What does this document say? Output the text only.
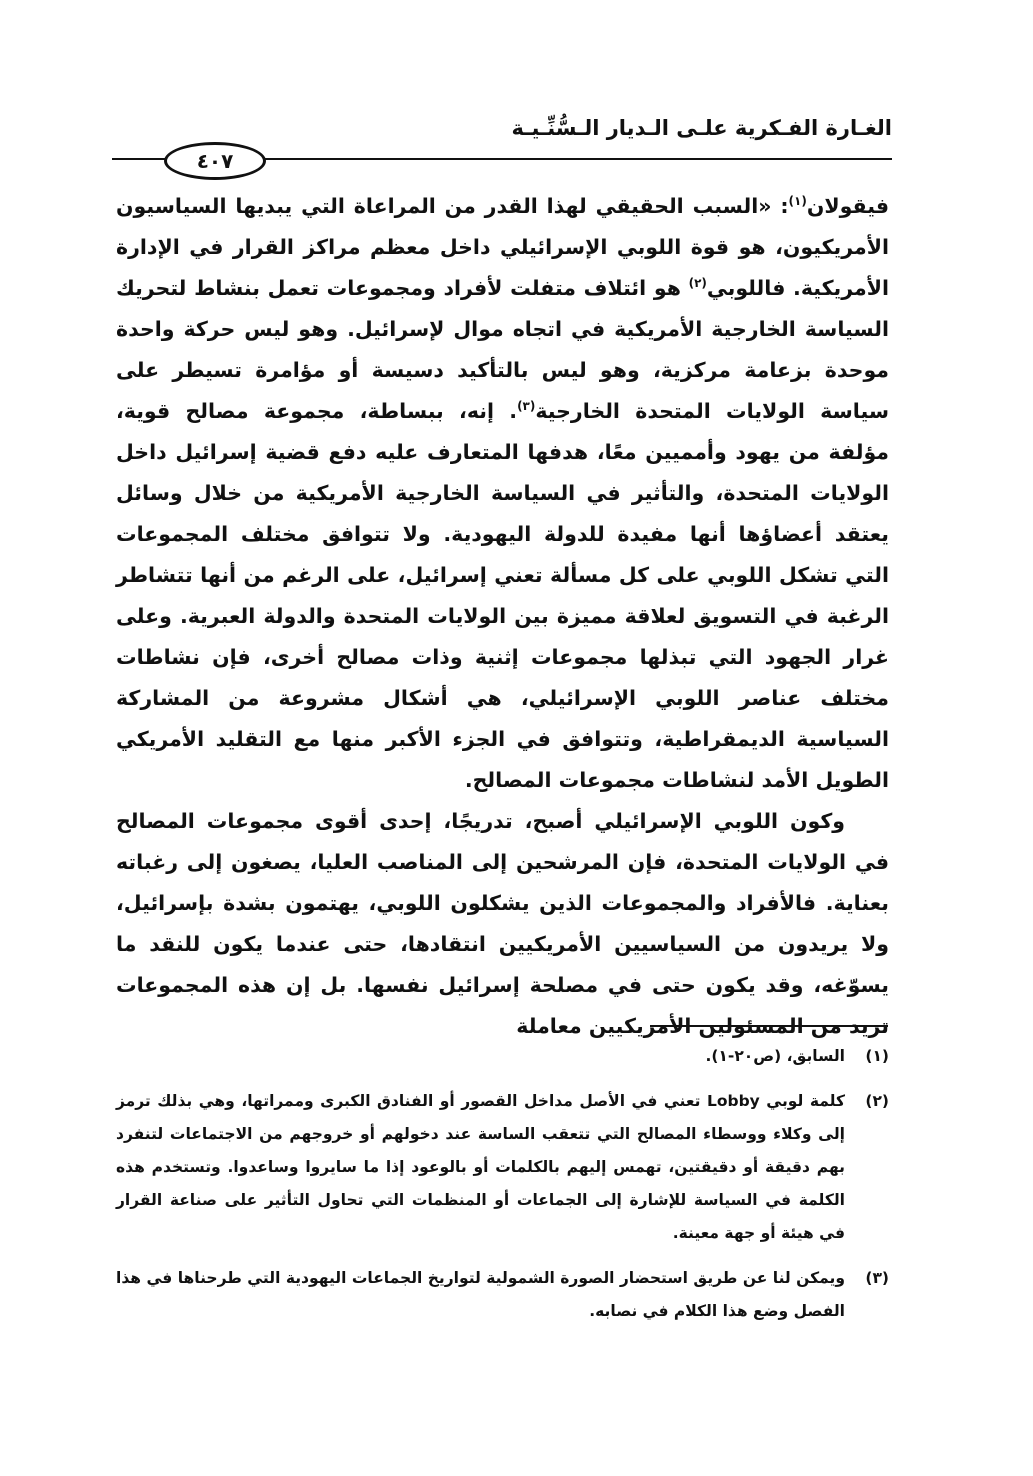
الغـارة الفـكرية علـى الـديار الـسُّنِّـيـة
٤٠٧

فيقولان$^{(١)}$: «السبب الحقيقي لهذا القدر من المراعاة التي يبديها السياسيون الأمريكيون، هو قوة اللوبي الإسرائيلي داخل معظم مراكز القرار في الإدارة الأمريكية. فاللوبي$^{(٢)}$ هو ائتلاف متفلت لأفراد ومجموعات تعمل بنشاط لتحريك السياسة الخارجية الأمريكية في اتجاه موال لإسرائيل. وهو ليس حركة واحدة موحدة بزعامة مركزية، وهو ليس بالتأكيد دسيسة أو مؤامرة تسيطر على سياسة الولايات المتحدة الخارجية$^{(٣)}$. إنه، ببساطة، مجموعة مصالح قوية، مؤلفة من يهود وأمميين معًا، هدفها المتعارف عليه دفع قضية إسرائيل داخل الولايات المتحدة، والتأثير في السياسة الخارجية الأمريكية من خلال وسائل يعتقد أعضاؤها أنها مفيدة للدولة اليهودية. ولا تتوافق مختلف المجموعات التي تشكل اللوبي على كل مسألة تعني إسرائيل، على الرغم من أنها تتشاطر الرغبة في التسويق لعلاقة مميزة بين الولايات المتحدة والدولة العبرية. وعلى غرار الجهود التي تبذلها مجموعات إثنية وذات مصالح أخرى، فإن نشاطات مختلف عناصر اللوبي الإسرائيلي، هي أشكال مشروعة من المشاركة السياسية الديمقراطية، وتتوافق في الجزء الأكبر منها مع التقليد الأمريكي الطويل الأمد لنشاطات مجموعات المصالح.

وكون اللوبي الإسرائيلي أصبح، تدريجًا، إحدى أقوى مجموعات المصالح في الولايات المتحدة، فإن المرشحين إلى المناصب العليا، يصغون إلى رغباته بعناية. فالأفراد والمجموعات الذين يشكلون اللوبي، يهتمون بشدة بإسرائيل، ولا يريدون من السياسيين الأمريكيين انتقادها، حتى عندما يكون للنقد ما يسوّغه، وقد يكون حتى في مصلحة إسرائيل نفسها. بل إن هذه المجموعات تريد من المسئولين الأمريكيين معاملة

(١)
السابق، (ص٢٠-١).
(٢)
كلمة لوبي Lobby تعني في الأصل مداخل القصور أو الفنادق الكبرى وممراتها، وهي بذلك ترمز إلى وكلاء ووسطاء المصالح التي تتعقب الساسة عند دخولهم أو خروجهم من الاجتماعات لتنفرد بهم دقيقة أو دقيقتين، تهمس إليهم بالكلمات أو بالوعود إذا ما سايروا وساعدوا. وتستخدم هذه الكلمة في السياسة للإشارة إلى الجماعات أو المنظمات التي تحاول التأثير على صناعة القرار في هيئة أو جهة معينة.
(٣)
ويمكن لنا عن طريق استحضار الصورة الشمولية لتواريخ الجماعات اليهودية التي طرحناها في هذا الفصل وضع هذا الكلام في نصابه.
